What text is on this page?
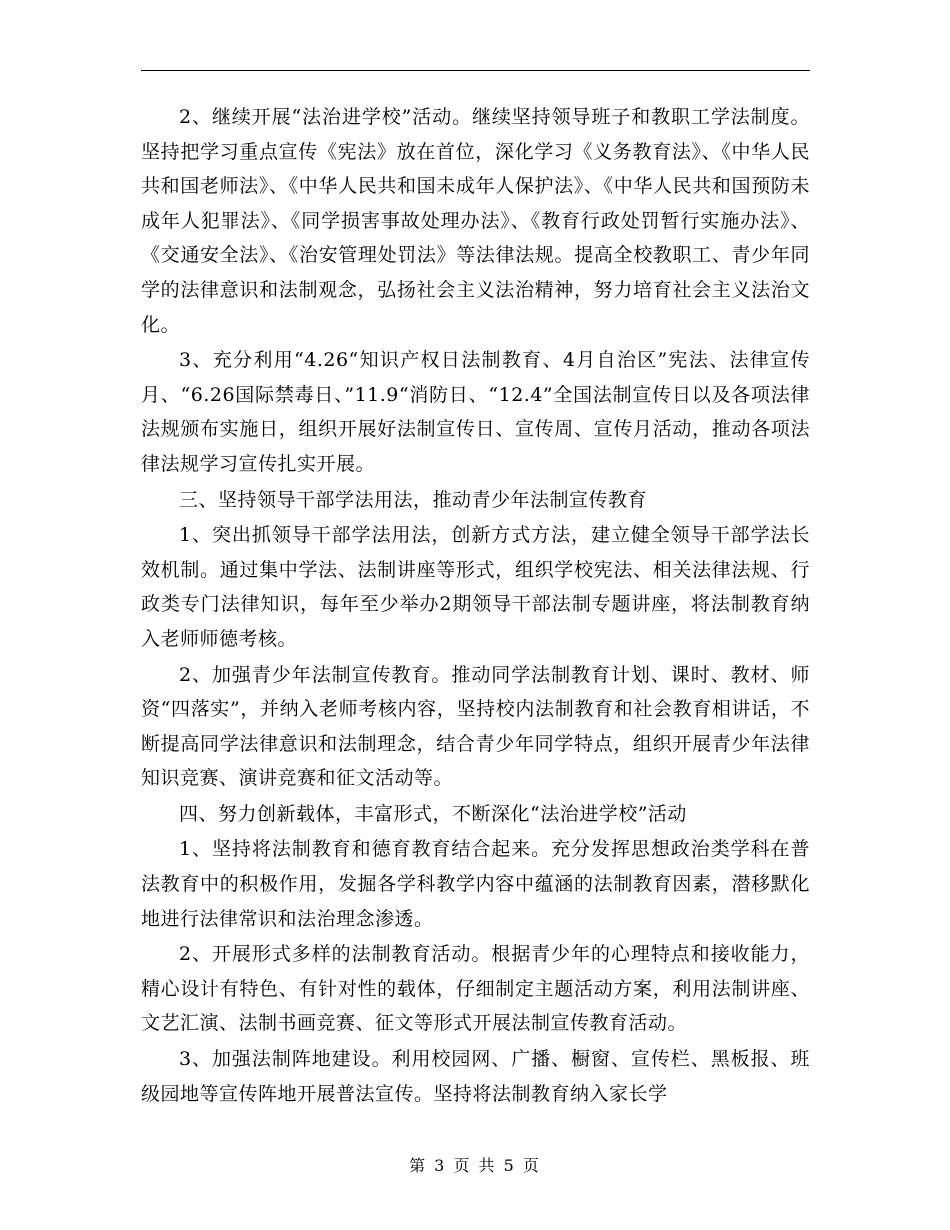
2、继续开展“法治进学校”活动。继续坚持领导班子和教职工学法制度。坚持把学习重点宣传《宪法》放在首位，深化学习《义务教育法》、《中华人民共和国老师法》、《中华人民共和国未成年人保护法》、《中华人民共和国预防未成年人犯罪法》、《同学损害事故处理办法》、《教育行政处罚暂行实施办法》、《交通安全法》、《治安管理处罚法》等法律法规。提高全校教职工、青少年同学的法律意识和法制观念，弘扬社会主义法治精神，努力培育社会主义法治文化。

3、充分利用“4.26“知识产权日法制教育、4月自治区”宪法、法律宣传月、“6.26国际禁毒日、”11.9“消防日、“12.4”全国法制宣传日以及各项法律法规颁布实施日，组织开展好法制宣传日、宣传周、宣传月活动，推动各项法律法规学习宣传扎实开展。

三、坚持领导干部学法用法，推动青少年法制宣传教育

1、突出抓领导干部学法用法，创新方式方法，建立健全领导干部学法长效机制。通过集中学法、法制讲座等形式，组织学校宪法、相关法律法规、行政类专门法律知识，每年至少举办2期领导干部法制专题讲座，将法制教育纳入老师师德考核。

2、加强青少年法制宣传教育。推动同学法制教育计划、课时、教材、师资“四落实”，并纳入老师考核内容，坚持校内法制教育和社会教育相讲话，不断提高同学法律意识和法制理念，结合青少年同学特点，组织开展青少年法律知识竞赛、演讲竞赛和征文活动等。

四、努力创新载体，丰富形式，不断深化“法治进学校”活动

1、坚持将法制教育和德育教育结合起来。充分发挥思想政治类学科在普法教育中的积极作用，发掘各学科教学内容中蕴涵的法制教育因素，潜移默化地进行法律常识和法治理念渗透。

2、开展形式多样的法制教育活动。根据青少年的心理特点和接收能力，精心设计有特色、有针对性的载体，仔细制定主题活动方案，利用法制讲座、文艺汇演、法制书画竞赛、征文等形式开展法制宣传教育活动。

3、加强法制阵地建设。利用校园网、广播、橱窗、宣传栏、黑板报、班级园地等宣传阵地开展普法宣传。坚持将法制教育纳入家长学

第 3 页 共 5 页
